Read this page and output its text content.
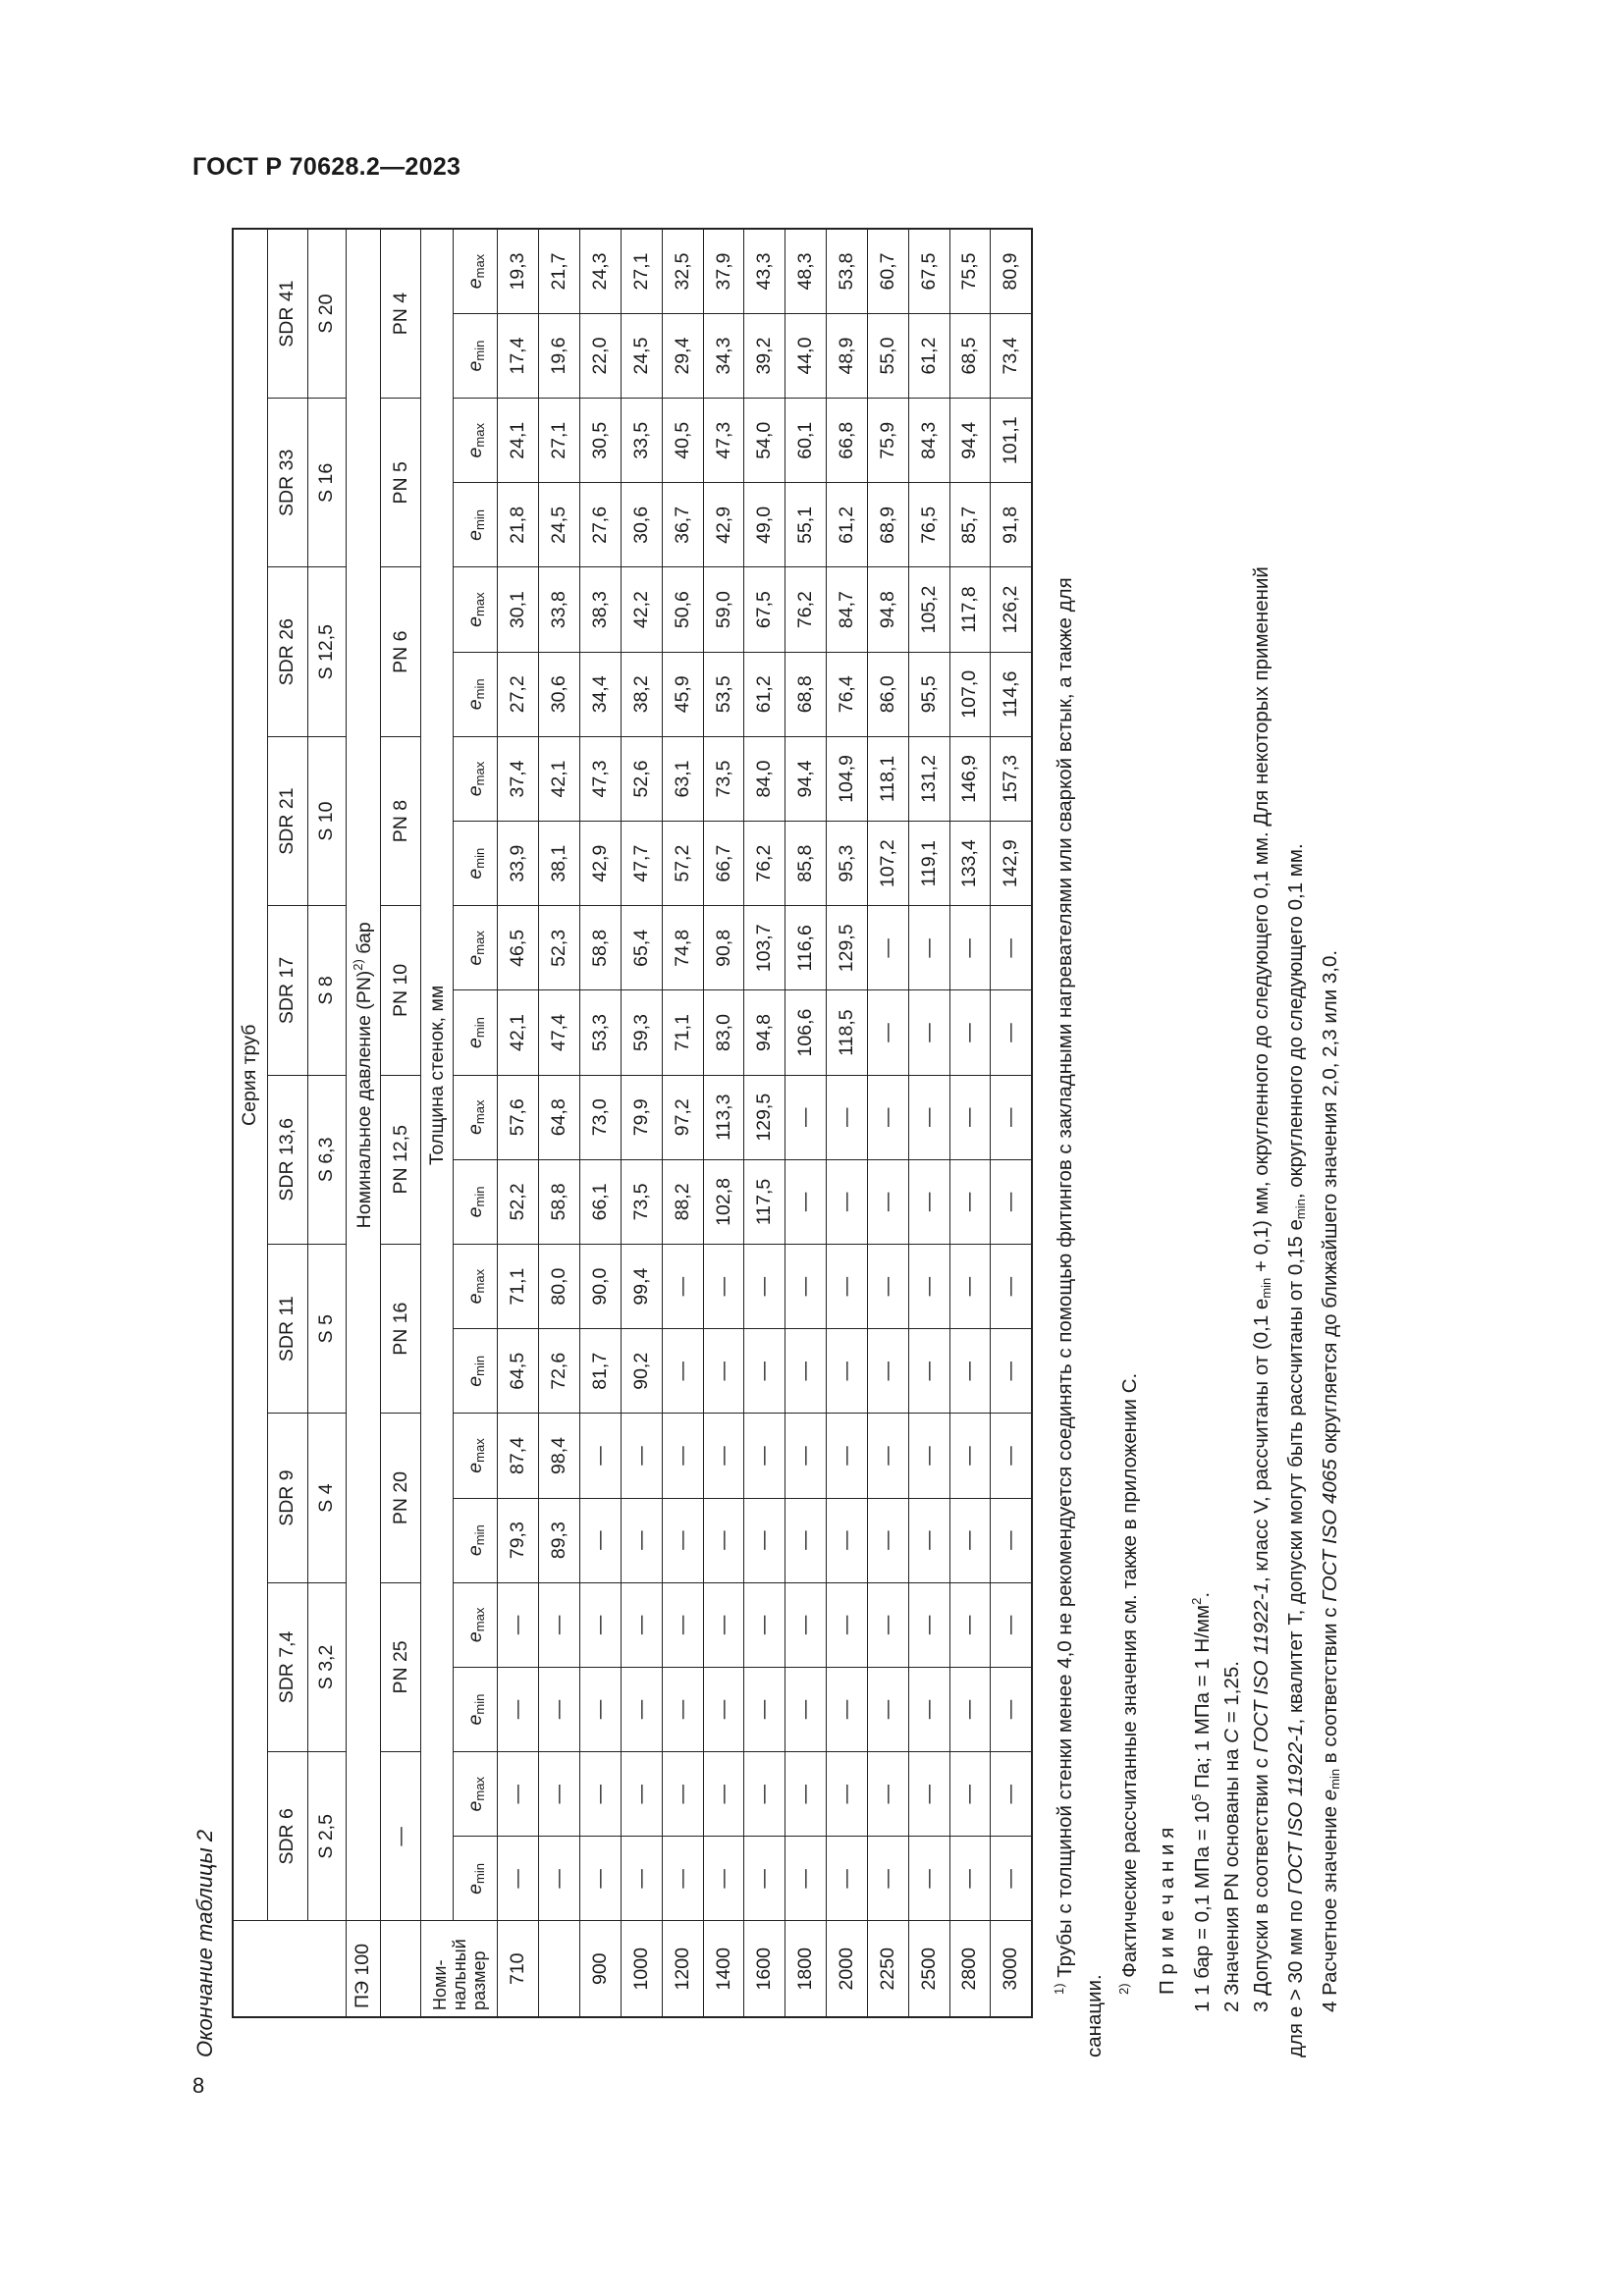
ГОСТ Р 70628.2—2023
Окончание таблицы 2
	Серия труб																			
	SDR 6		SDR 7,4		SDR 9		SDR 11		SDR 13,6		SDR 17		SDR 21		SDR 26		SDR 33		SDR 41	
	S 2,5		S 3,2		S 4		S 5		S 6,3		S 8		S 10		S 12,5		S 16		S 20	
ПЭ 100	Номинальное давление (PN)$^{2)}$ бар																			
	—		PN 25		PN 20		PN 16		PN 12,5		PN 10		PN 8		PN 6		PN 5		PN 4	
Номи-нальный размер	Толщина стенок, мм																			
	$e_{min}$	$e_{max}$	$e_{min}$	$e_{max}$	$e_{min}$	$e_{max}$	$e_{min}$	$e_{max}$	$e_{min}$	$e_{max}$	$e_{min}$	$e_{max}$	$e_{min}$	$e_{max}$	$e_{min}$	$e_{max}$	$e_{min}$	$e_{max}$	$e_{min}$	$e_{max}$
710	—	—	—	—	79,3	87,4	64,5	71,1	52,2	57,6	42,1	46,5	33,9	37,4	27,2	30,1	21,8	24,1	17,4	19,3
	—	—	—	—	89,3	98,4	72,6	80,0	58,8	64,8	47,4	52,3	38,1	42,1	30,6	33,8	24,5	27,1	19,6	21,7
900	—	—	—	—	—	—	81,7	90,0	66,1	73,0	53,3	58,8	42,9	47,3	34,4	38,3	27,6	30,5	22,0	24,3
1000	—	—	—	—	—	—	90,2	99,4	73,5	79,9	59,3	65,4	47,7	52,6	38,2	42,2	30,6	33,5	24,5	27,1
1200	—	—	—	—	—	—	—	—	88,2	97,2	71,1	74,8	57,2	63,1	45,9	50,6	36,7	40,5	29,4	32,5
1400	—	—	—	—	—	—	—	—	102,8	113,3	83,0	90,8	66,7	73,5	53,5	59,0	42,9	47,3	34,3	37,9
1600	—	—	—	—	—	—	—	—	117,5	129,5	94,8	103,7	76,2	84,0	61,2	67,5	49,0	54,0	39,2	43,3
1800	—	—	—	—	—	—	—	—	—	—	106,6	116,6	85,8	94,4	68,8	76,2	55,1	60,1	44,0	48,3
2000	—	—	—	—	—	—	—	—	—	—	118,5	129,5	95,3	104,9	76,4	84,7	61,2	66,8	48,9	53,8
2250	—	—	—	—	—	—	—	—	—	—	—	—	107,2	118,1	86,0	94,8	68,9	75,9	55,0	60,7
2500	—	—	—	—	—	—	—	—	—	—	—	—	119,1	131,2	95,5	105,2	76,5	84,3	61,2	67,5
2800	—	—	—	—	—	—	—	—	—	—	—	—	133,4	146,9	107,0	117,8	85,7	94,4	68,5	75,5
3000	—	—	—	—	—	—	—	—	—	—	—	—	142,9	157,3	114,6	126,2	91,8	101,1	73,4	80,9

$^{1)}$ Трубы с толщиной стенки менее 4,0 не рекомендуется соединять с помощью фитингов с закладными нагревателями или сваркой встык, а также для

санации. $^{2)}$ Фактические рассчитанные значения см. также в приложении С. П р и м е ч а н и я 1 1 бар = 0,1 МПа = $10^5$ Па; 1 МПа = 1 $Н/мм^2$.

2 Значения PN основаны на C = 1,25.

3 Допуски в соответствии с ГОСТ ISO 11922-1, класс V, рассчитаны от (0,1 $e_{min} + 0,1$) мм, округленного до следующего 0,1 мм. Для некоторых применений

для e > 30 мм по ГОСТ ISO 11922-1, квалитет T, допуски могут быть рассчитаны от 0,15 $e_{min}$, округленного до следующего 0,1 мм.

4 Расчетное значение $e_{min}$ в соответствии с ГОСТ ISO 4065 округляется до ближайшего значения 2,0, 2,3 или 3,0.

8
